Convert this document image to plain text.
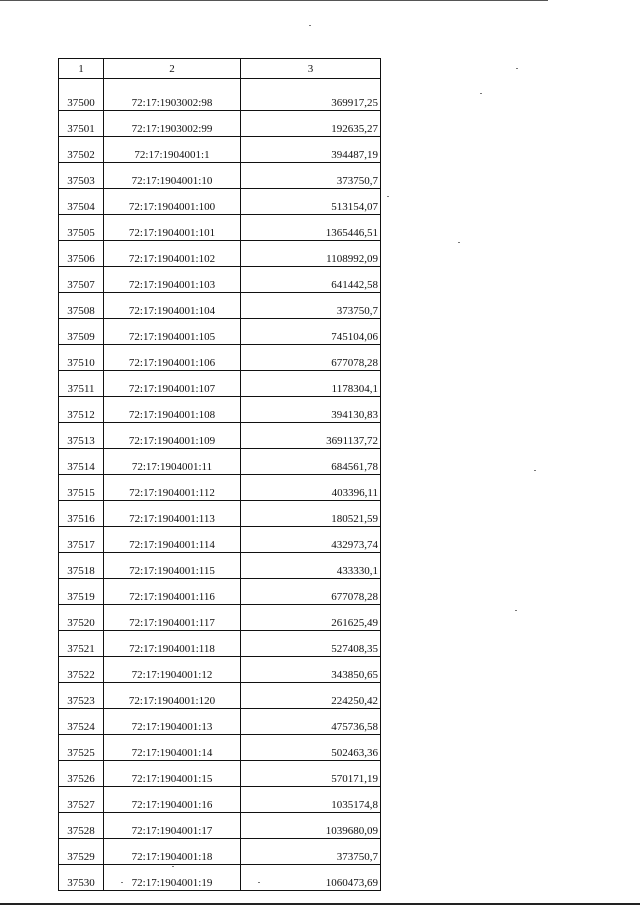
1	2	3

37500	72:17:1903002:98	369917,25
37501	72:17:1903002:99	192635,27
37502	72:17:1904001:1	394487,19
37503	72:17:1904001:10	373750,7
37504	72:17:1904001:100	513154,07
37505	72:17:1904001:101	1365446,51
37506	72:17:1904001:102	1108992,09
37507	72:17:1904001:103	641442,58
37508	72:17:1904001:104	373750,7
37509	72:17:1904001:105	745104,06
37510	72:17:1904001:106	677078,28
37511	72:17:1904001:107	1178304,1
37512	72:17:1904001:108	394130,83
37513	72:17:1904001:109	3691137,72
37514	72:17:1904001:11	684561,78
37515	72:17:1904001:112	403396,11
37516	72:17:1904001:113	180521,59
37517	72:17:1904001:114	432973,74
37518	72:17:1904001:115	433330,1
37519	72:17:1904001:116	677078,28
37520	72:17:1904001:117	261625,49
37521	72:17:1904001:118	527408,35
37522	72:17:1904001:12	343850,65
37523	72:17:1904001:120	224250,42
37524	72:17:1904001:13	475736,58
37525	72:17:1904001:14	502463,36
37526	72:17:1904001:15	570171,19
37527	72:17:1904001:16	1035174,8
37528	72:17:1904001:17	1039680,09
37529	72:17:1904001:18	373750,7
37530	72:17:1904001:19	1060473,69
